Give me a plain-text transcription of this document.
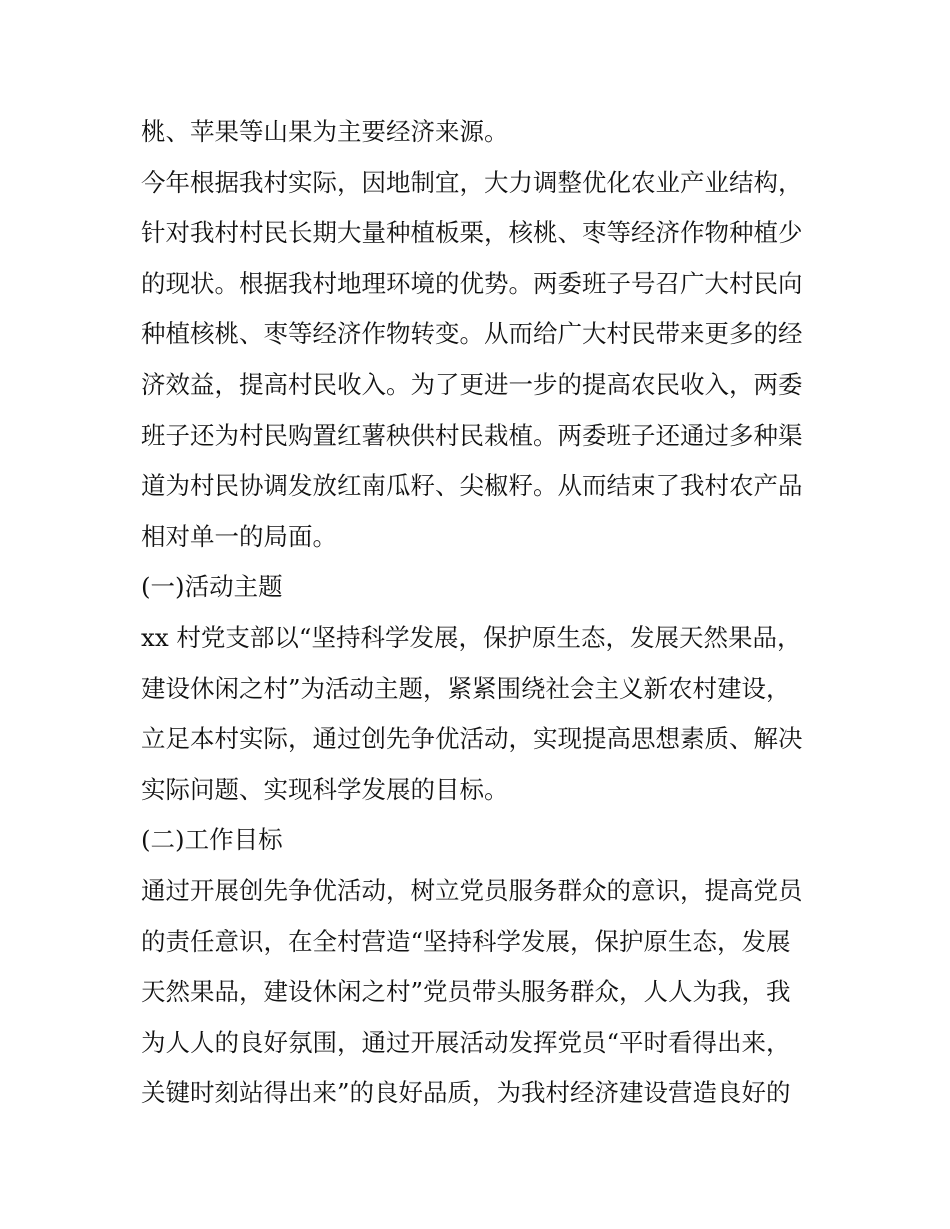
桃、苹果等山果为主要经济来源。
今年根据我村实际，因地制宜，大力调整优化农业产业结构，
针对我村村民长期大量种植板栗，核桃、枣等经济作物种植少
的现状。根据我村地理环境的优势。两委班子号召广大村民向
种植核桃、枣等经济作物转变。从而给广大村民带来更多的经
济效益，提高村民收入。为了更进一步的提高农民收入，两委
班子还为村民购置红薯秧供村民栽植。两委班子还通过多种渠
道为村民协调发放红南瓜籽、尖椒籽。从而结束了我村农产品
相对单一的局面。
(一)活动主题
xx 村党支部以“坚持科学发展，保护原生态，发展天然果品，
建设休闲之村”为活动主题，紧紧围绕社会主义新农村建设，
立足本村实际，通过创先争优活动，实现提高思想素质、解决
实际问题、实现科学发展的目标。
(二)工作目标
通过开展创先争优活动，树立党员服务群众的意识，提高党员
的责任意识，在全村营造“坚持科学发展，保护原生态，发展
天然果品，建设休闲之村”党员带头服务群众，人人为我，我
为人人的良好氛围，通过开展活动发挥党员“平时看得出来，
关键时刻站得出来”的良好品质，为我村经济建设营造良好的
